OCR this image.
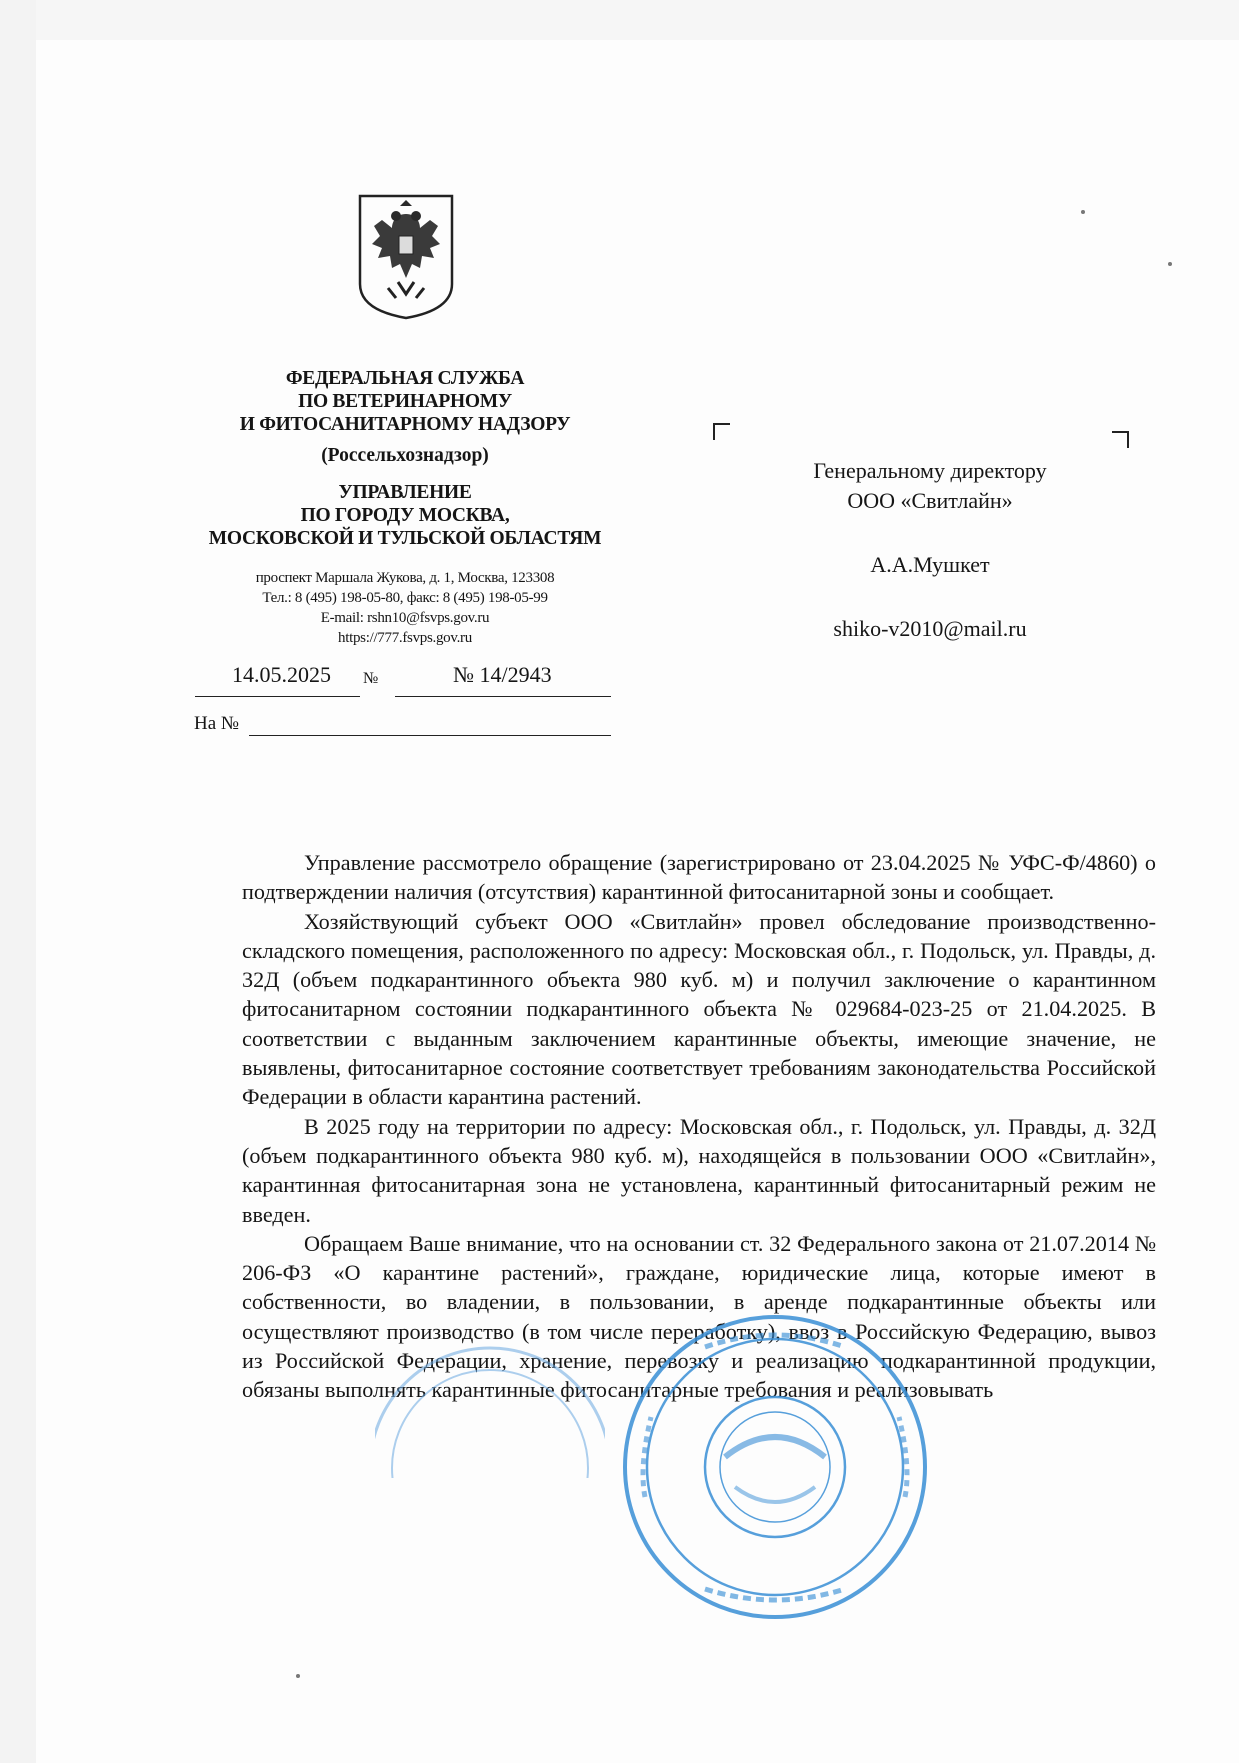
ФЕДЕРАЛЬНАЯ СЛУЖБА
ПО ВЕТЕРИНАРНОМУ
И ФИТОСАНИТАРНОМУ НАДЗОРУ
(Россельхознадзор)
УПРАВЛЕНИЕ
ПО ГОРОДУ МОСКВА,
МОСКОВСКОЙ И ТУЛЬСКОЙ ОБЛАСТЯМ
проспект Маршала Жукова, д. 1, Москва, 123308
Тел.: 8 (495) 198-05-80, факс: 8 (495) 198-05-99
E-mail: rshn10@fsvps.gov.ru
https://777.fsvps.gov.ru
14.05.2025 №	№ 14/2943
На №
Генеральному директору
ООО «Свитлайн»
А.А.Мушкет
shiko-v2010@mail.ru

Управление рассмотрело обращение (зарегистрировано от 23.04.2025 № УФС-Ф/4860) о подтверждении наличия (отсутствия) карантинной фитосанитарной зоны и сообщает.

Хозяйствующий субъект ООО «Свитлайн» провел обследование производственно-складского помещения, расположенного по адресу: Московская обл., г. Подольск, ул. Правды, д. 32Д (объем подкарантинного объекта 980 куб. м) и получил заключение о карантинном фитосанитарном состоянии подкарантинного объекта № 029684-023-25 от 21.04.2025. В соответствии с выданным заключением карантинные объекты, имеющие значение, не выявлены, фитосанитарное состояние соответствует требованиям законодательства Российской Федерации в области карантина растений.

В 2025 году на территории по адресу: Московская обл., г. Подольск, ул. Правды, д. 32Д (объем подкарантинного объекта 980 куб. м), находящейся в пользовании ООО «Свитлайн», карантинная фитосанитарная зона не установлена, карантинный фитосанитарный режим не введен.

Обращаем Ваше внимание, что на основании ст. 32 Федерального закона от 21.07.2014 № 206-ФЗ «О карантине растений», граждане, юридические лица, которые имеют в собственности, во владении, в пользовании, в аренде подкарантинные объекты или осуществляют производство (в том числе переработку), ввоз в Российскую Федерацию, вывоз из Российской Федерации, хранение, перевозку и реализацию подкарантинной продукции, обязаны выполнять карантинные фитосанитарные требования и реализовывать
